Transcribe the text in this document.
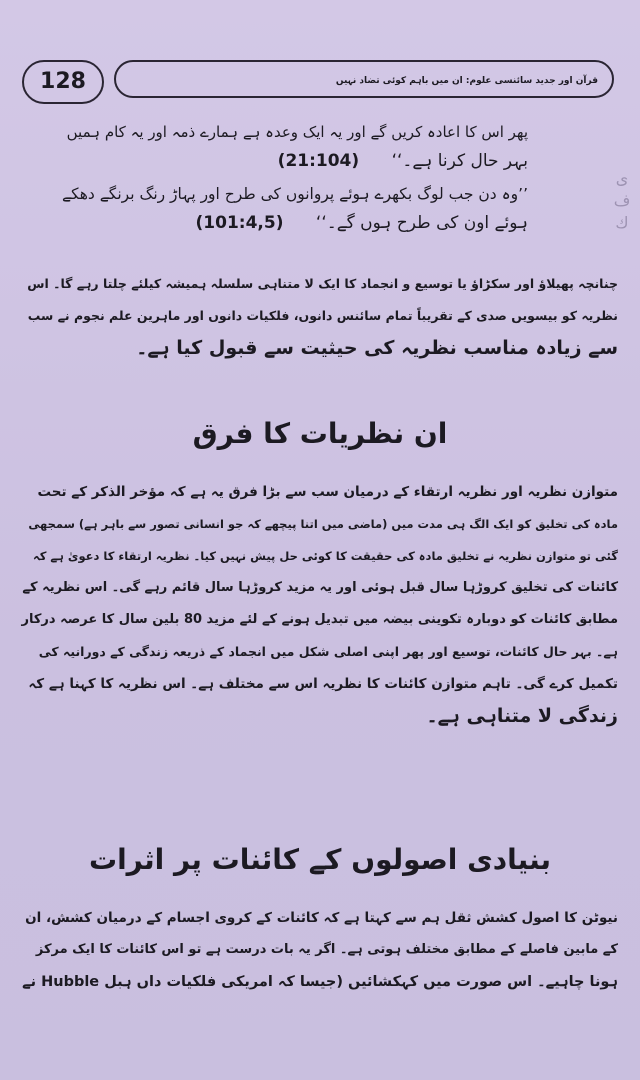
128	قرآن اور جدید سائنسی علوم: ان میں باہم کوئی تضاد نہیں
ی
ف
ك

پھر اس کا اعادہ کریں گے اور یہ ایک وعدہ ہے ہمارے ذمہ اور یہ کام ہمیں

بہر حال کرنا ہے۔‘‘      (21:104)

’’وہ دن جب لوگ بکھرے ہوئے پروانوں کی طرح اور پہاڑ رنگ برنگے دھکے

ہوئے اون کی طرح ہوں گے۔‘‘      (101:4,5)

چنانچہ پھیلاؤ اور سکڑاؤ یا توسیع و انجماد کا ایک لا متناہی سلسلہ ہمیشہ کیلئے چلتا رہے گا۔ اس

نظریہ کو بیسویں صدی کے تقریباً تمام سائنس دانوں، فلکیات دانوں اور ماہرین علم نجوم نے سب

سے زیادہ مناسب نظریہ کی حیثیت سے قبول کیا ہے۔

ان نظریات کا فرق

متوازن نظریہ اور نظریہ ارتقاء کے درمیان سب سے بڑا فرق یہ ہے کہ مؤخر الذکر کے تحت

مادہ کی تخلیق کو ایک الگ ہی مدت میں (ماضی میں اتنا پیچھے کہ جو انسانی تصور سے باہر ہے) سمجھی

گئی تو متوازن نظریہ نے تخلیق مادہ کی حقیقت کا کوئی حل پیش نہیں کیا۔ نظریہ ارتقاء کا دعویٰ ہے کہ

کائنات کی تخلیق کروڑہا سال قبل ہوئی اور یہ مزید کروڑہا سال قائم رہے گی۔ اس نظریہ کے

مطابق کائنات کو دوبارہ تکوینی بیضہ میں تبدیل ہونے کے لئے مزید 80 بلین سال کا عرصہ درکار

ہے۔ بہر حال کائنات، توسیع اور پھر اپنی اصلی شکل میں انجماد کے ذریعہ زندگی کے دورانیہ کی

تکمیل کرے گی۔ تاہم متوازن کائنات کا نظریہ اس سے مختلف ہے۔ اس نظریہ کا کہنا ہے کہ

زندگی لا متناہی ہے۔

بنیادی اصولوں کے کائنات پر اثرات

نیوٹن کا اصول کشش ثقل ہم سے کہتا ہے کہ کائنات کے کروی اجسام کے درمیان کشش، ان

کے مابین فاصلے کے مطابق مختلف ہوتی ہے۔ اگر یہ بات درست ہے تو اس کائنات کا ایک مرکز

ہونا چاہیے۔ اس صورت میں کہکشائیں (جیسا کہ امریکی فلکیات داں ہبل Hubble نے
